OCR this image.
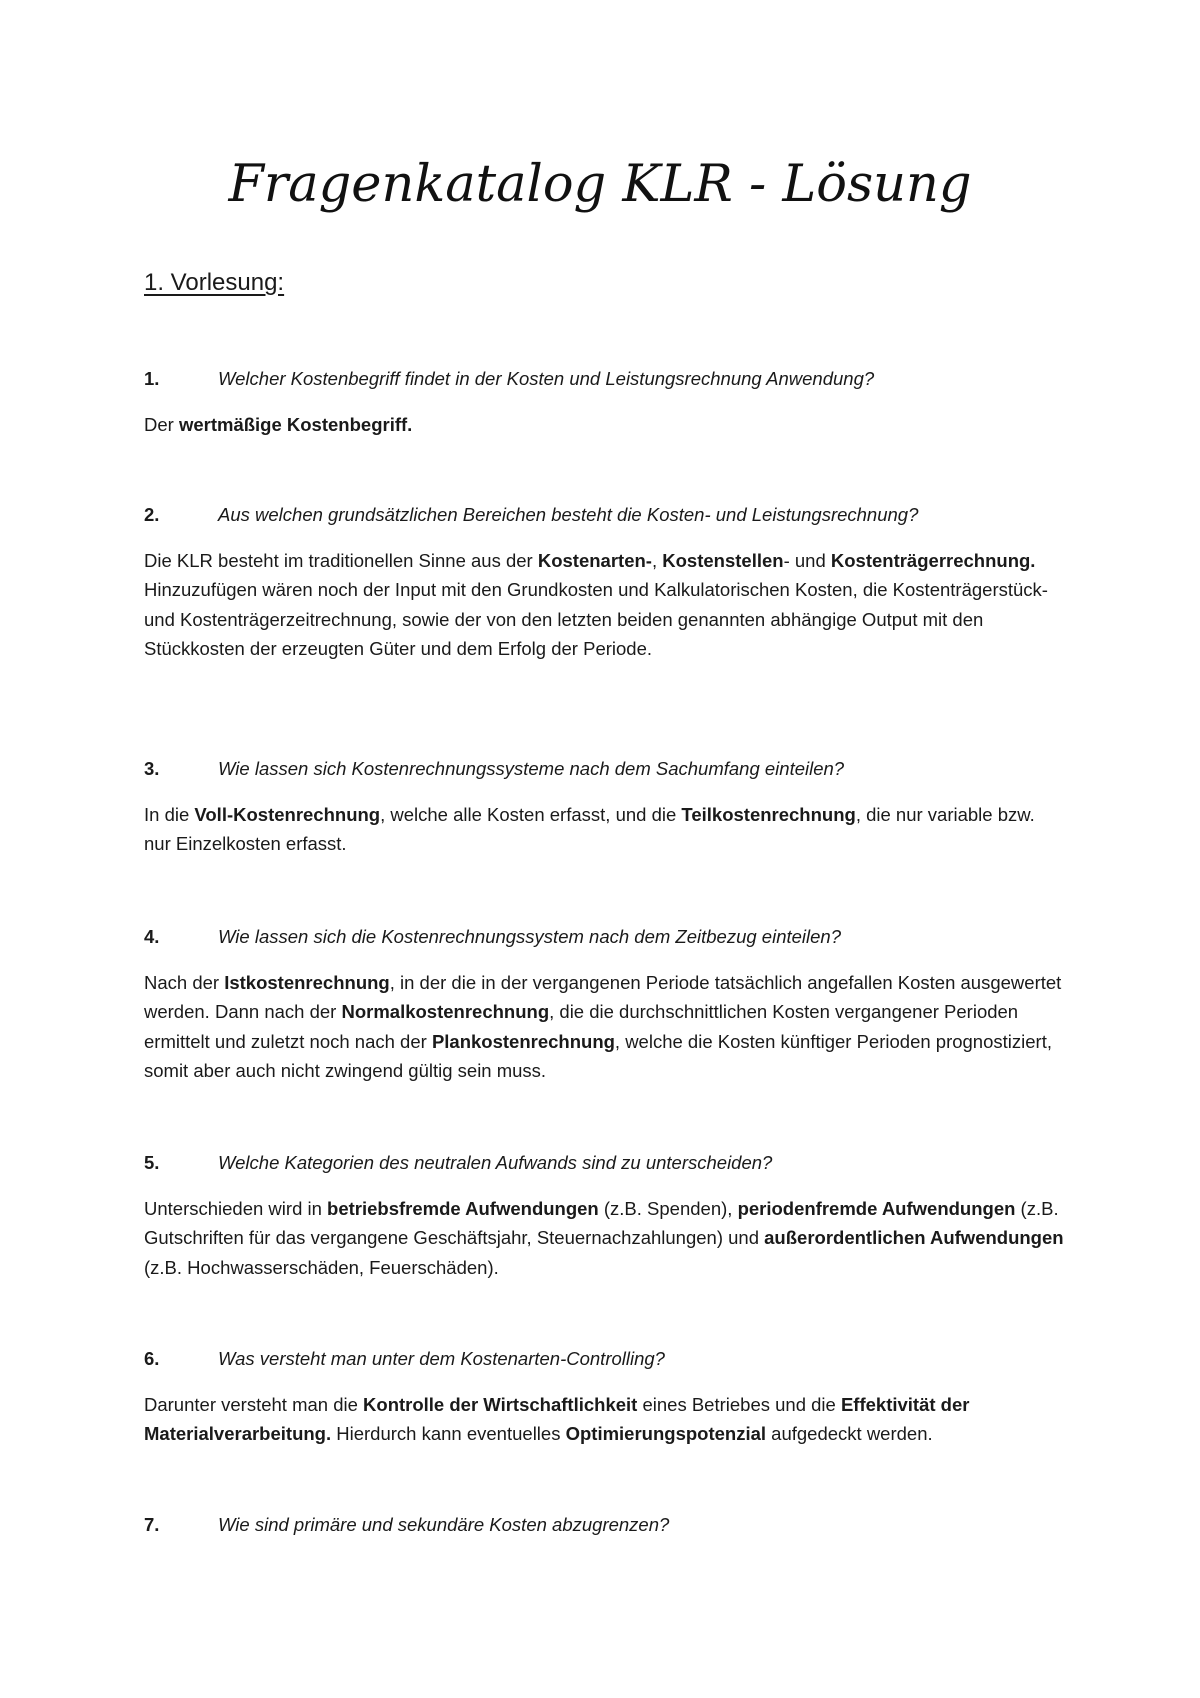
Fragenkatalog KLR - Lösung
1. Vorlesung:
1.	Welcher Kostenbegriff findet in der Kosten und Leistungsrechnung Anwendung?
Der wertmäßige Kostenbegriff.
2.	Aus welchen grundsätzlichen Bereichen besteht die Kosten- und Leistungsrechnung?
Die KLR besteht im traditionellen Sinne aus der Kostenarten-, Kostenstellen- und Kostenträgerrechnung. Hinzuzufügen wären noch der Input mit den Grundkosten und Kalkulatorischen Kosten, die Kostenträgerstück- und Kostenträgerzeitrechnung, sowie der von den letzten beiden genannten abhängige Output mit den Stückkosten der erzeugten Güter und dem Erfolg der Periode.
3.	Wie lassen sich Kostenrechnungssysteme nach dem Sachumfang einteilen?
In die Voll-Kostenrechnung, welche alle Kosten erfasst, und die Teilkostenrechnung, die nur variable bzw. nur Einzelkosten erfasst.
4.	Wie lassen sich die Kostenrechnungssystem nach dem Zeitbezug einteilen?
Nach der Istkostenrechnung, in der die in der vergangenen Periode tatsächlich angefallen Kosten ausgewertet werden. Dann nach der Normalkostenrechnung, die die durchschnittlichen Kosten vergangener Perioden ermittelt und zuletzt noch nach der Plankostenrechnung, welche die Kosten künftiger Perioden prognostiziert, somit aber auch nicht zwingend gültig sein muss.
5.	Welche Kategorien des neutralen Aufwands sind zu unterscheiden?
Unterschieden wird in betriebsfremde Aufwendungen (z.B. Spenden), periodenfremde Aufwendungen (z.B. Gutschriften für das vergangene Geschäftsjahr, Steuernachzahlungen) und außerordentlichen Aufwendungen (z.B. Hochwasserschäden, Feuerschäden).
6.	Was versteht man unter dem Kostenarten-Controlling?
Darunter versteht man die Kontrolle der Wirtschaftlichkeit eines Betriebes und die Effektivität der Materialverarbeitung. Hierdurch kann eventuelles Optimierungspotenzial aufgedeckt werden.
7.	Wie sind primäre und sekundäre Kosten abzugrenzen?
